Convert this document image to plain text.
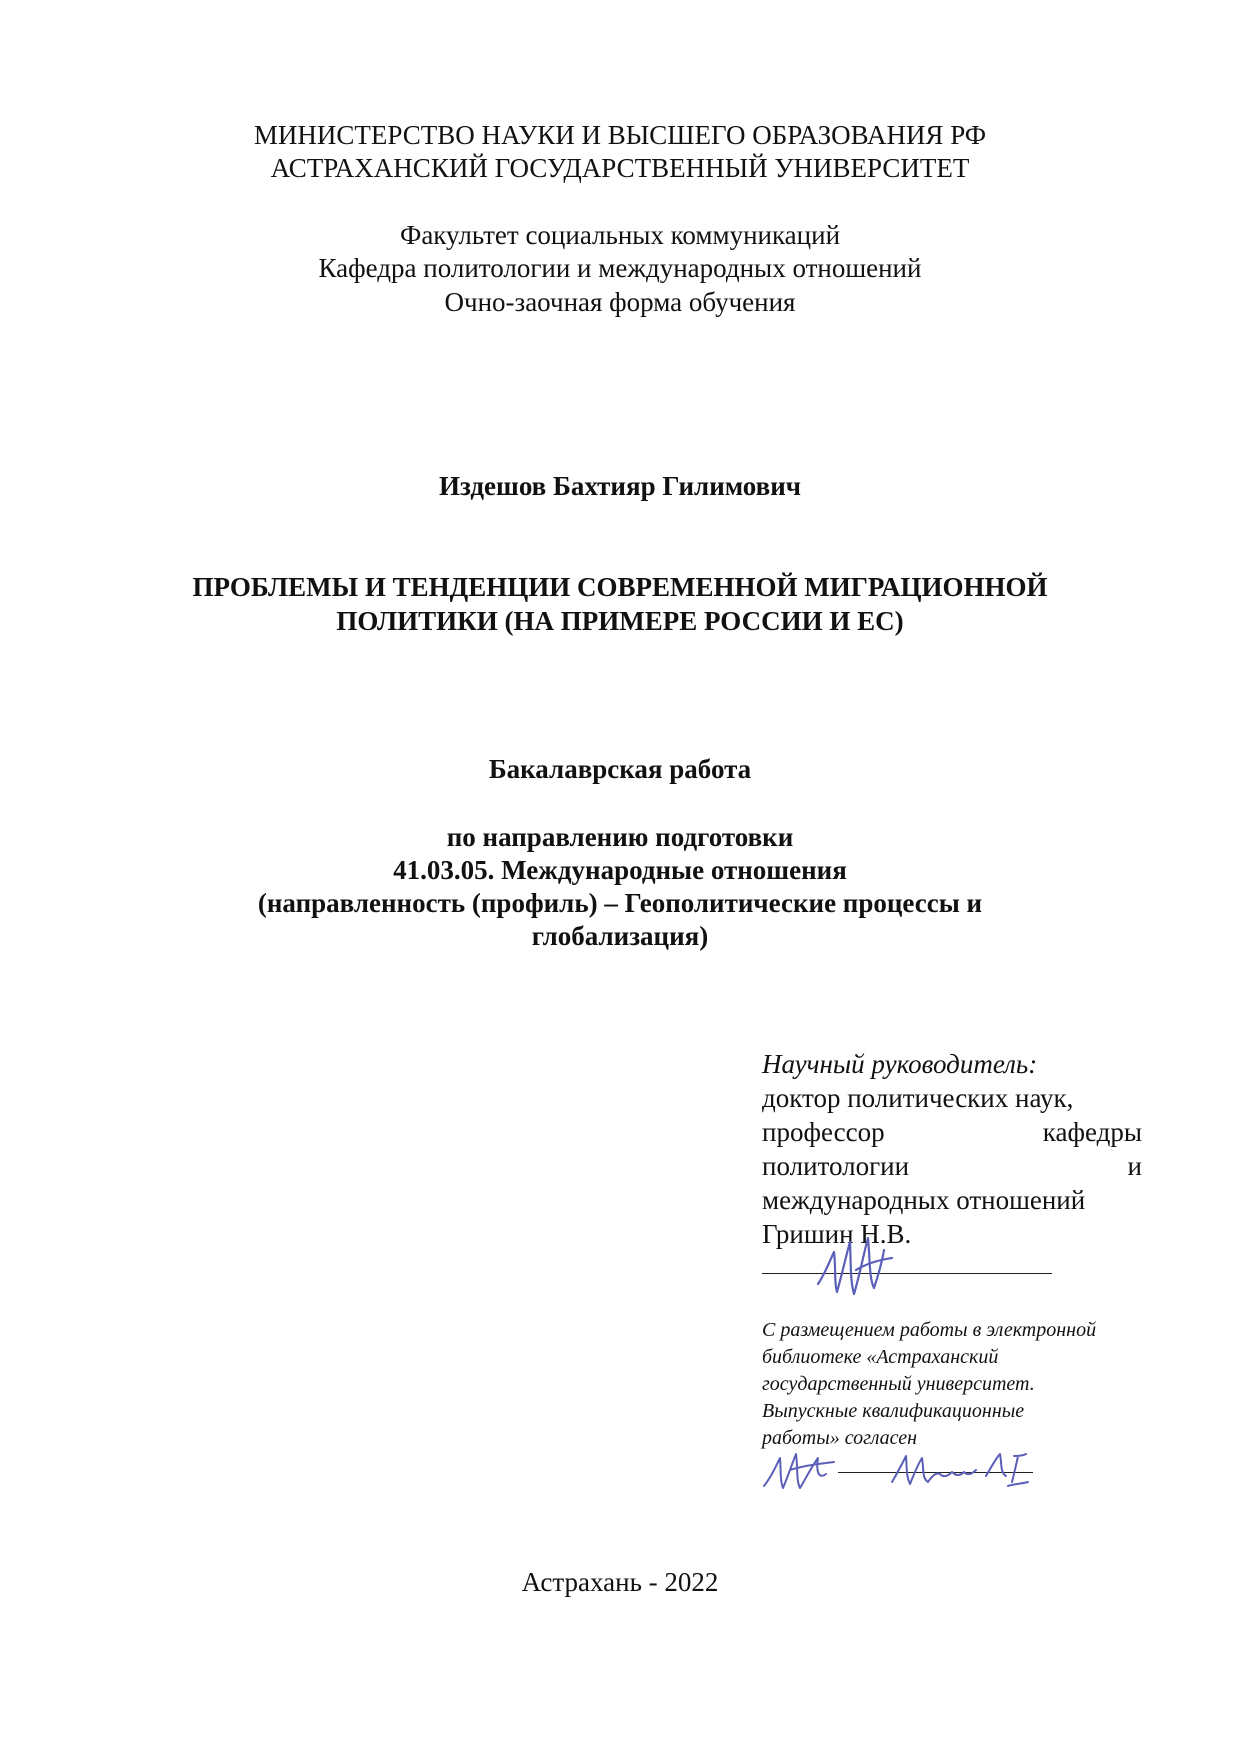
МИНИСТЕРСТВО НАУКИ И ВЫСШЕГО ОБРАЗОВАНИЯ РФ
АСТРАХАНСКИЙ ГОСУДАРСТВЕННЫЙ УНИВЕРСИТЕТ
Факультет социальных коммуникаций
Кафедра политологии и международных отношений
Очно-заочная форма обучения
Издешов Бахтияр Гилимович
ПРОБЛЕМЫ И ТЕНДЕНЦИИ СОВРЕМЕННОЙ МИГРАЦИОННОЙ
ПОЛИТИКИ (НА ПРИМЕРЕ РОССИИ И ЕС)
Бакалаврская работа
по направлению подготовки
41.03.05. Международные отношения
(направленность (профиль) – Геополитические процессы и
глобализация)
Научный руководитель:
доктор политических наук,
профессор	кафедры
политологии	и
международных отношений
Гришин Н.В.
С размещением работы в электронной
библиотеке «Астраханский
государственный университет.
Выпускные квалификационные
работы» согласен
Астрахань - 2022
